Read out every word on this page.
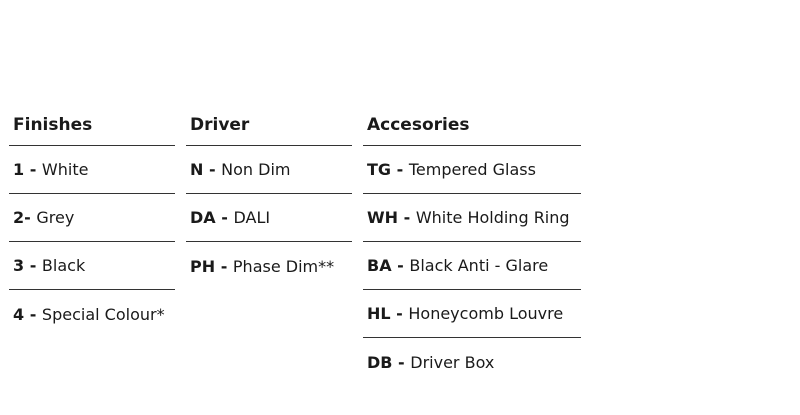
Finishes
1 - White
2 - Grey
3 - Black
4 - Special Colour*
Driver
N - Non Dim
DA - DALI
PH - Phase Dim**
Accesories
TG - Tempered Glass
WH - White Holding Ring
BA - Black Anti - Glare
HL - Honeycomb Louvre
DB - Driver Box
